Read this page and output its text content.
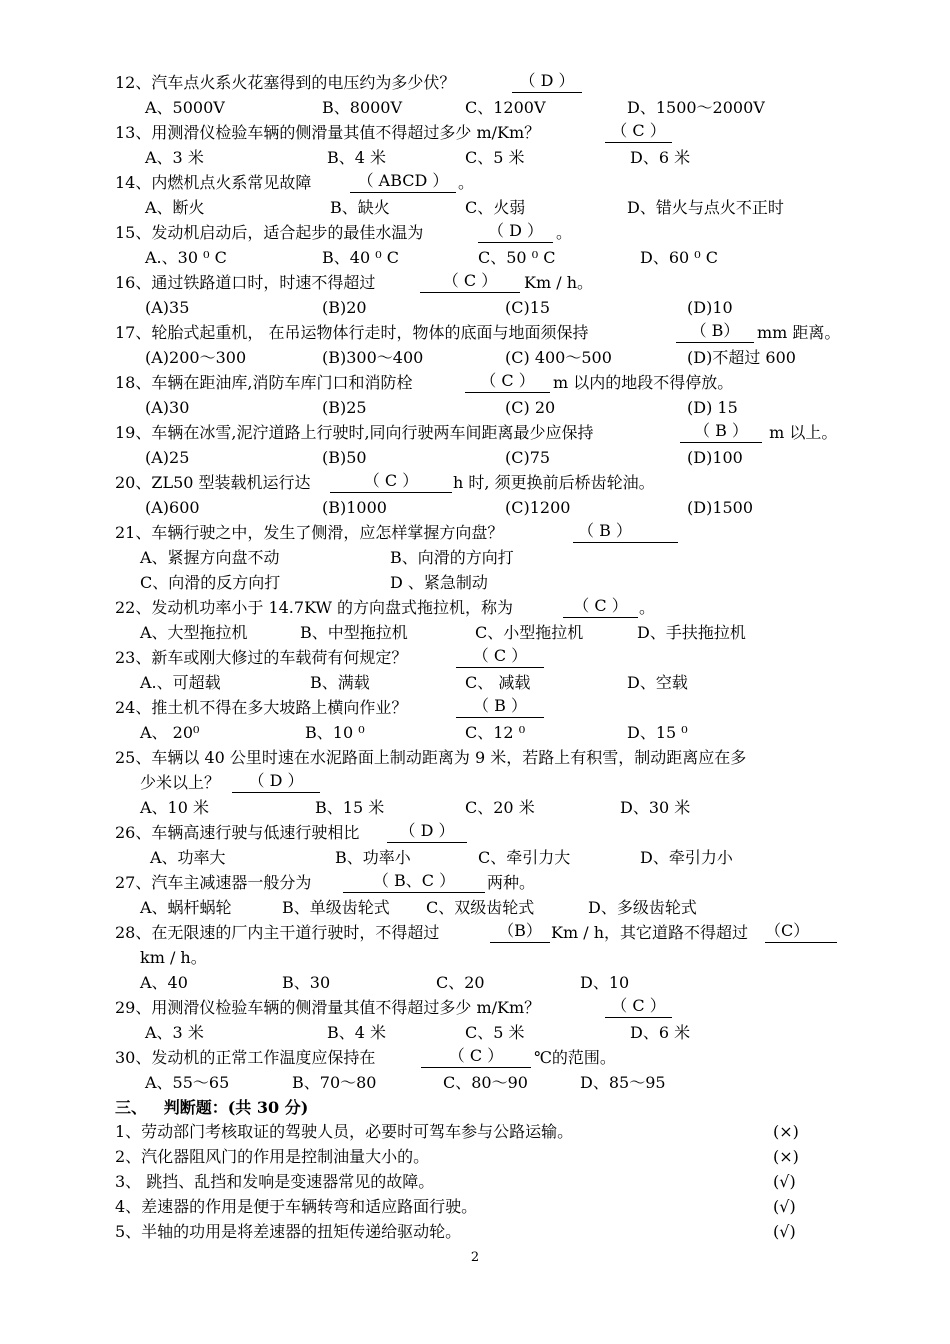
12、汽车点火系火花塞得到的电压约为多少伏？

	（ D ）

A、5000V

	B、8000V

	C、1200V

	D、1500～2000V

13、用测滑仪检验车辆的侧滑量其值不得超过多少 m/Km？

	（ C ）

A、3 米

	B、4 米

	C、5 米

	D、6 米

14、内燃机点火系常见故障

	（ ABCD ）

。

A、断火

	B、缺火

	C、火弱

	D、错火与点火不正时

15、发动机启动后，适合起步的最佳水温为

	（ D ）

。

A.、30 ⁰ C

	B、40 ⁰ C

	C、50 ⁰ C

	D、60 ⁰ C

16、通过铁路道口时，时速不得超过

	（ C ）

	Km / h。

(A)35

	(B)20

	(C)15

	(D)10

17、轮胎式起重机， 在吊运物体行走时，物体的底面与地面须保持

	（ B）

	mm 距离。

(A)200～300

	(B)300～400

	(C) 400～500

	(D)不超过 600

18、车辆在距油库,消防车库门口和消防栓

	（ C ）

	m 以内的地段不得停放。

(A)30

	(B)25

	(C) 20

	(D) 15

19、车辆在冰雪,泥泞道路上行驶时,同向行驶两车间距离最少应保持

	（ B ）

	m 以上。

(A)25

	(B)50

	(C)75

	(D)100

20、ZL50 型装载机运行达

	（ C ）

	h 时, 须更换前后桥齿轮油。

(A)600

	(B)1000

	(C)1200

	(D)1500

21、车辆行驶之中，发生了侧滑，应怎样掌握方向盘？

	（ B ）

A、紧握方向盘不动

	B、向滑的方向打

C、向滑的反方向打

	D 、紧急制动

22、发动机功率小于 14.7KW 的方向盘式拖拉机，称为

	（ C ）

。

A、大型拖拉机

	B、中型拖拉机

	C、小型拖拉机

	D、手扶拖拉机

23、新车或刚大修过的车载荷有何规定？

	（ C ）

A.、可超载

	B、满载

	C、 减载

	D、空载

24、推土机不得在多大坡路上横向作业？

	（ B ）

A、 20⁰

	B、10 ⁰

	C、12 ⁰

	D、15 ⁰

25、车辆以 40 公里时速在水泥路面上制动距离为 9 米，若路上有积雪，制动距离应在多

少米以上？

	（ D ）

A、10 米

	B、15 米

	C、20 米

	D、30 米

26、车辆高速行驶与低速行驶相比

	（ D ）

A、功率大

	B、功率小

	C、牵引力大

	D、牵引力小

27、汽车主减速器一般分为

	（ B、C ）

	两种。

A、蜗杆蜗轮

	B、单级齿轮式

C、双级齿轮式

	D、多级齿轮式

28、在无限速的厂内主干道行驶时，不得超过

	（B）

Km / h，其它道路不得超过

（C）

km / h。

A、40

	B、30

	C、20

	D、10

29、用测滑仪检验车辆的侧滑量其值不得超过多少 m/Km？

	（ C ）

A、3 米

	B、4 米

	C、5 米

	D、6 米

30、发动机的正常工作温度应保持在

	（ C ）

	℃的范围。

A、55～65

	B、70～80

	C、80～90

	D、85～95

三、   判断题：(共 30 分)

1、劳动部门考核取证的驾驶人员，必要时可驾车参与公路运输。

	(×)

2、汽化器阻风门的作用是控制油量大小的。

	(×)

3、 跳挡、乱挡和发响是变速器常见的故障。

	(√)

4、差速器的作用是便于车辆转弯和适应路面行驶。

	(√)

5、半轴的功用是将差速器的扭矩传递给驱动轮。

	(√)

2
